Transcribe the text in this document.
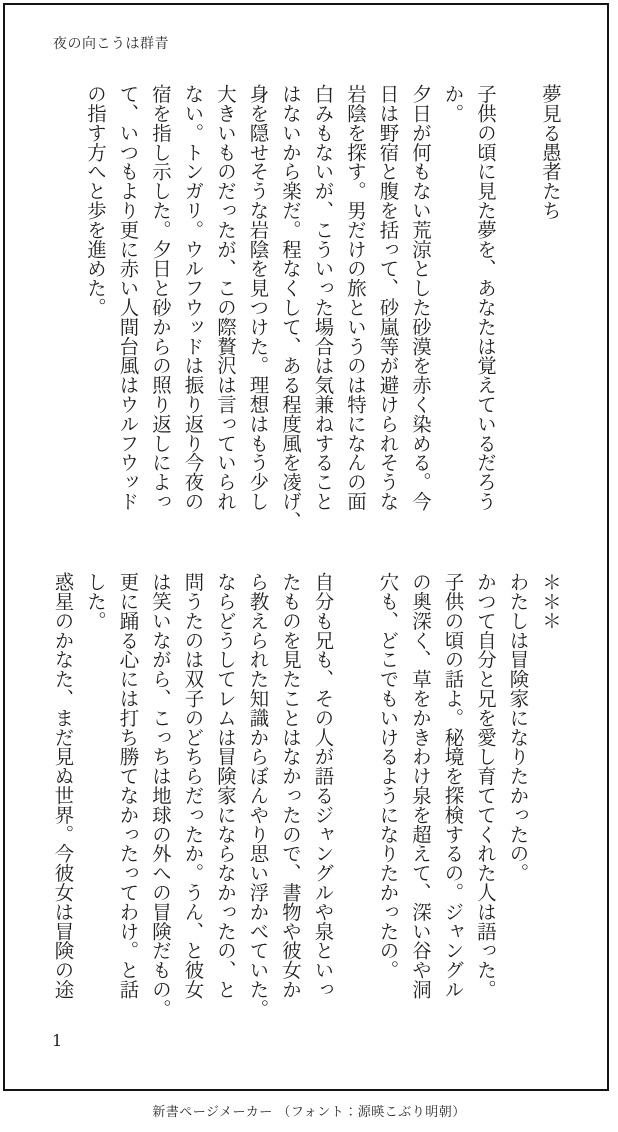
夜の向こうは群青
夢見る愚者たち

子供の頃に見た夢を、あなたは覚えているだろう
か。
夕日が何もない荒涼とした砂漠を赤く染める。今
日は野宿と腹を括って、砂嵐等が避けられそうな
岩陰を探す。男だけの旅というのは特になんの面
白みもないが、こういった場合は気兼ねすること
はないから楽だ。程なくして、ある程度風を凌げ、
身を隠せそうな岩陰を見つけた。理想はもう少し
大きいものだったが、この際贅沢は言っていられ
ない。トンガリ。ウルフウッドは振り返り今夜の
宿を指し示した。夕日と砂からの照り返しによっ
て、いつもより更に赤い人間台風はウルフウッド
の指す方へと歩を進めた。
＊＊＊
わたしは冒険家になりたかったの。
かつて自分と兄を愛し育ててくれた人は語った。
子供の頃の話よ。秘境を探検するの。ジャングル
の奥深く、草をかきわけ泉を超えて、深い谷や洞
穴も、どこでもいけるようになりたかったの。

自分も兄も、その人が語るジャングルや泉といっ
たものを見たことはなかったので、書物や彼女か
ら教えられた知識からぼんやり思い浮かべていた。
ならどうしてレムは冒険家にならなかったの、と
問うたのは双子のどちらだったか。うん、と彼女
は笑いながら、こっちは地球の外への冒険だもの。
更に踊る心には打ち勝てなかったってわけ。と話
した。
惑星のかなた、まだ見ぬ世界。今彼女は冒険の途
1
新書ページメーカー （フォント：源暎こぶり明朝）
